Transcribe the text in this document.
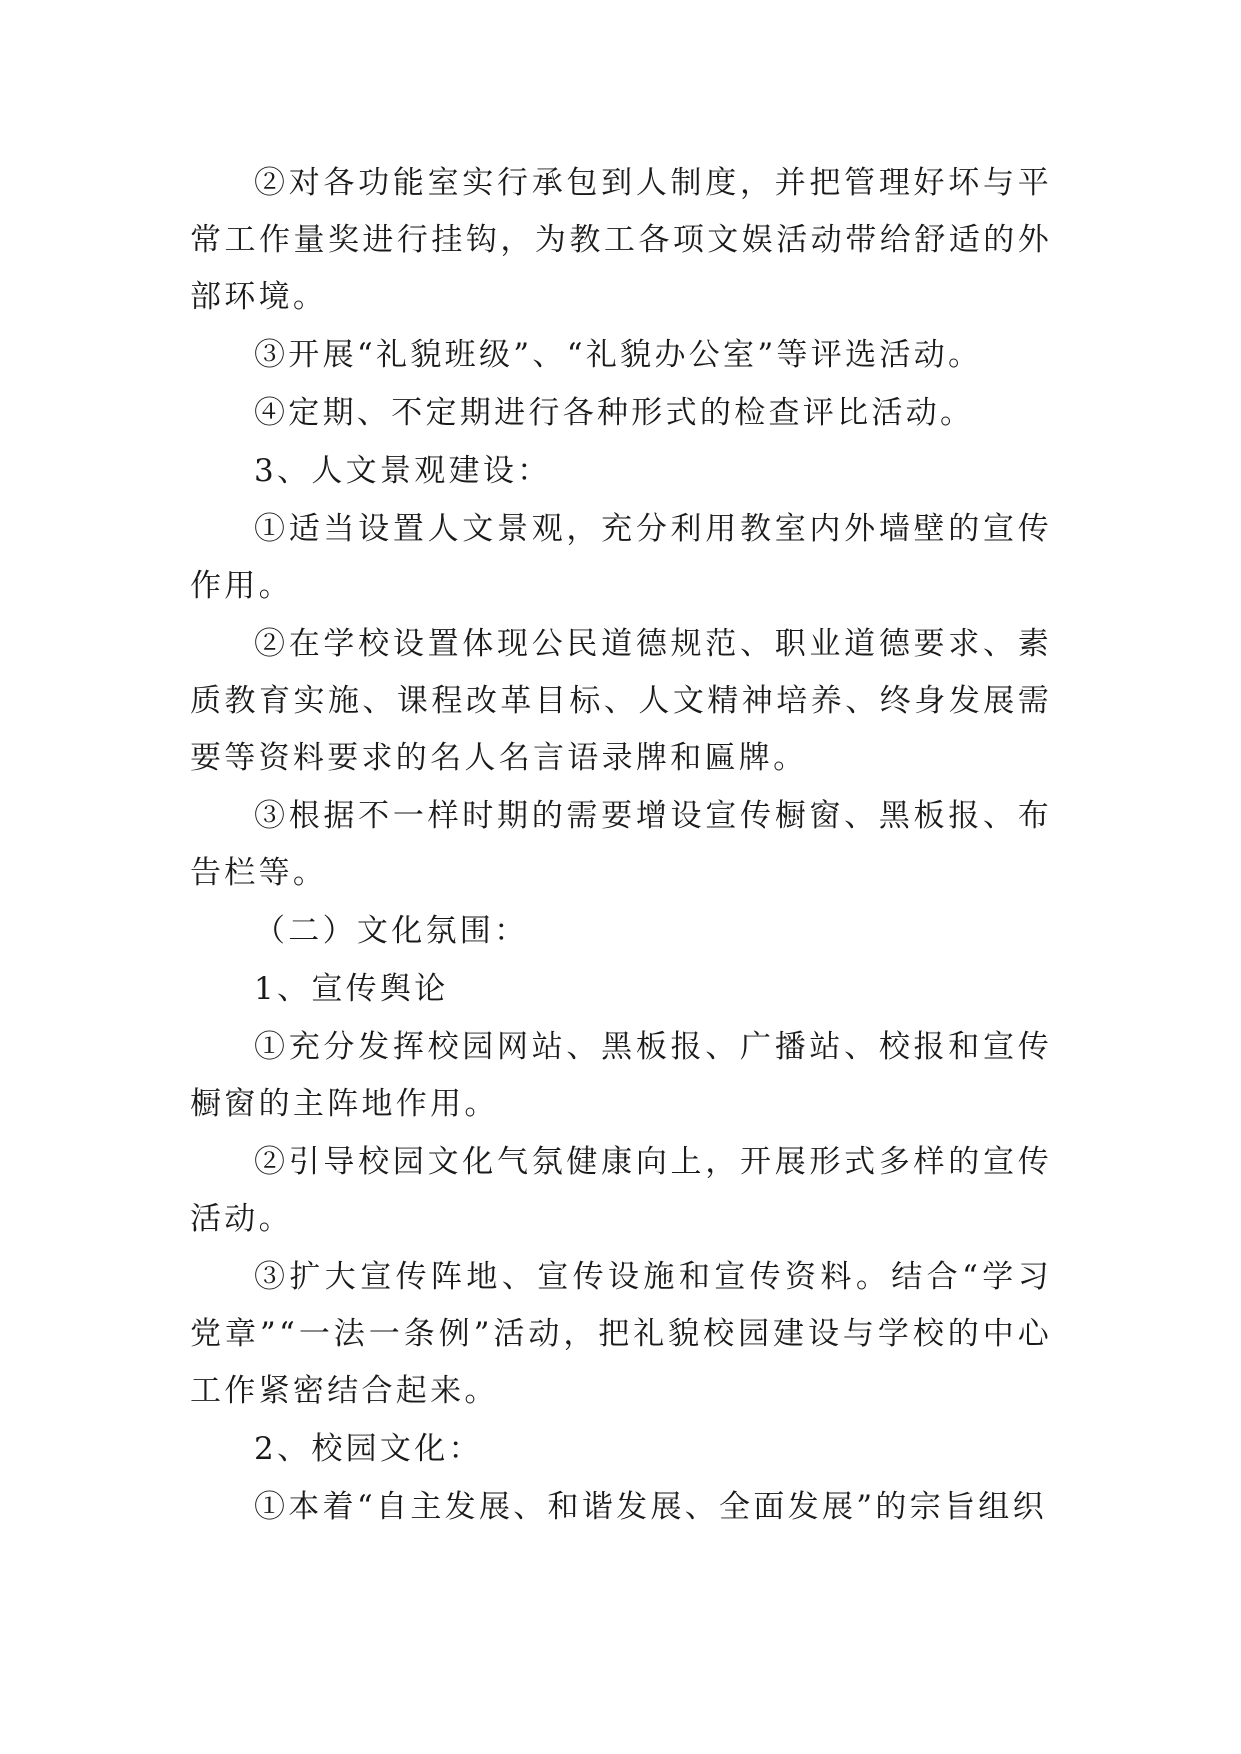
②对各功能室实行承包到人制度，并把管理好坏与平常工作量奖进行挂钩，为教工各项文娱活动带给舒适的外部环境。

③开展“礼貌班级”、“礼貌办公室”等评选活动。

④定期、不定期进行各种形式的检查评比活动。

3、人文景观建设：

①适当设置人文景观，充分利用教室内外墙壁的宣传作用。

②在学校设置体现公民道德规范、职业道德要求、素质教育实施、课程改革目标、人文精神培养、终身发展需要等资料要求的名人名言语录牌和匾牌。

③根据不一样时期的需要增设宣传橱窗、黑板报、布告栏等。

（二）文化氛围：

1、宣传舆论

①充分发挥校园网站、黑板报、广播站、校报和宣传橱窗的主阵地作用。

②引导校园文化气氛健康向上，开展形式多样的宣传活动。

③扩大宣传阵地、宣传设施和宣传资料。结合“学习党章”“一法一条例”活动，把礼貌校园建设与学校的中心工作紧密结合起来。

2、校园文化：

①本着“自主发展、和谐发展、全面发展”的宗旨组织
